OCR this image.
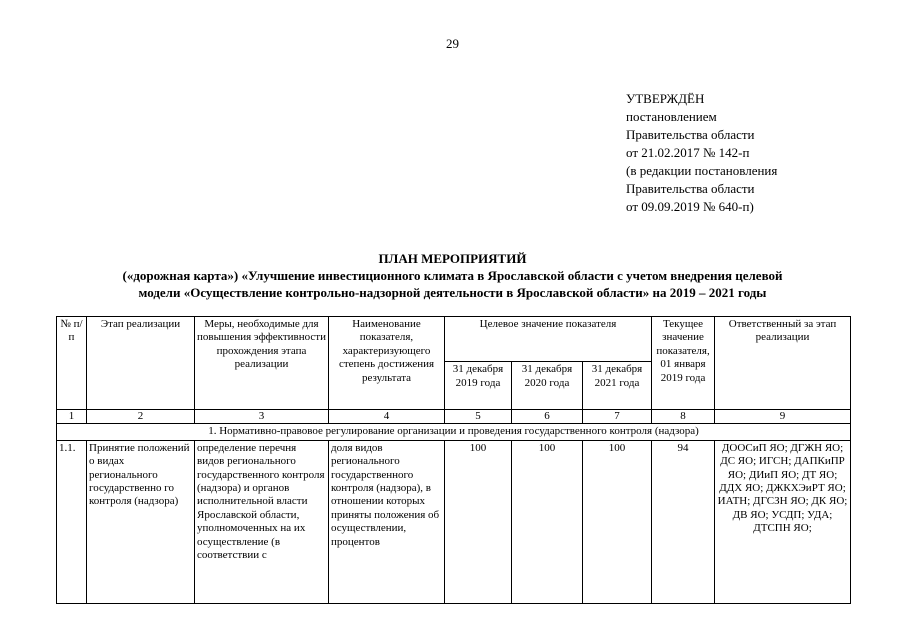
29
УТВЕРЖДЁН
постановлением
Правительства области
от 21.02.2017 № 142-п
(в редакции постановления
Правительства области
от 09.09.2019 № 640-п)
ПЛАН МЕРОПРИЯТИЙ
(«дорожная карта») «Улучшение инвестиционного климата в Ярославской области с учетом внедрения целевой
модели «Осуществление контрольно-надзорной деятельности в Ярославской области» на 2019 – 2021 годы
№ п/п	Этап реализации	Меры, необходимые для повышения эффективности прохождения этапа реализации	Наименование показателя, характеризующего степень достижения результата	Целевое значение показателя			Текущее значение показателя, 01 января 2019 года	Ответственный за этап реализации
				31 декабря 2019 года	31 декабря 2020 года	31 декабря 2021 года		
1	2	3	4	5	6	7	8	9
1. Нормативно-правовое регулирование организации и проведения государственного контроля (надзора)								
1.1.	Принятие положений о видах регионального государственно го контроля (надзора)	определение перечня видов регионального государственного контроля (надзора) и органов исполнительной власти Ярославской области, уполномоченных на их осуществление (в соответствии с	доля видов регионального государственного контроля (надзора), в отношении которых приняты положения об осуществлении, процентов	100	100	100	94	ДООСиП ЯО; ДГЖН ЯО; ДС ЯО; ИГСН; ДАПКиПР ЯО; ДИиП ЯО; ДТ ЯО; ДДХ ЯО; ДЖКХЭиРТ ЯО; ИАТН; ДГСЗН ЯО; ДК ЯО; ДВ ЯО; УСДП; УДА; ДТСПН ЯО;
